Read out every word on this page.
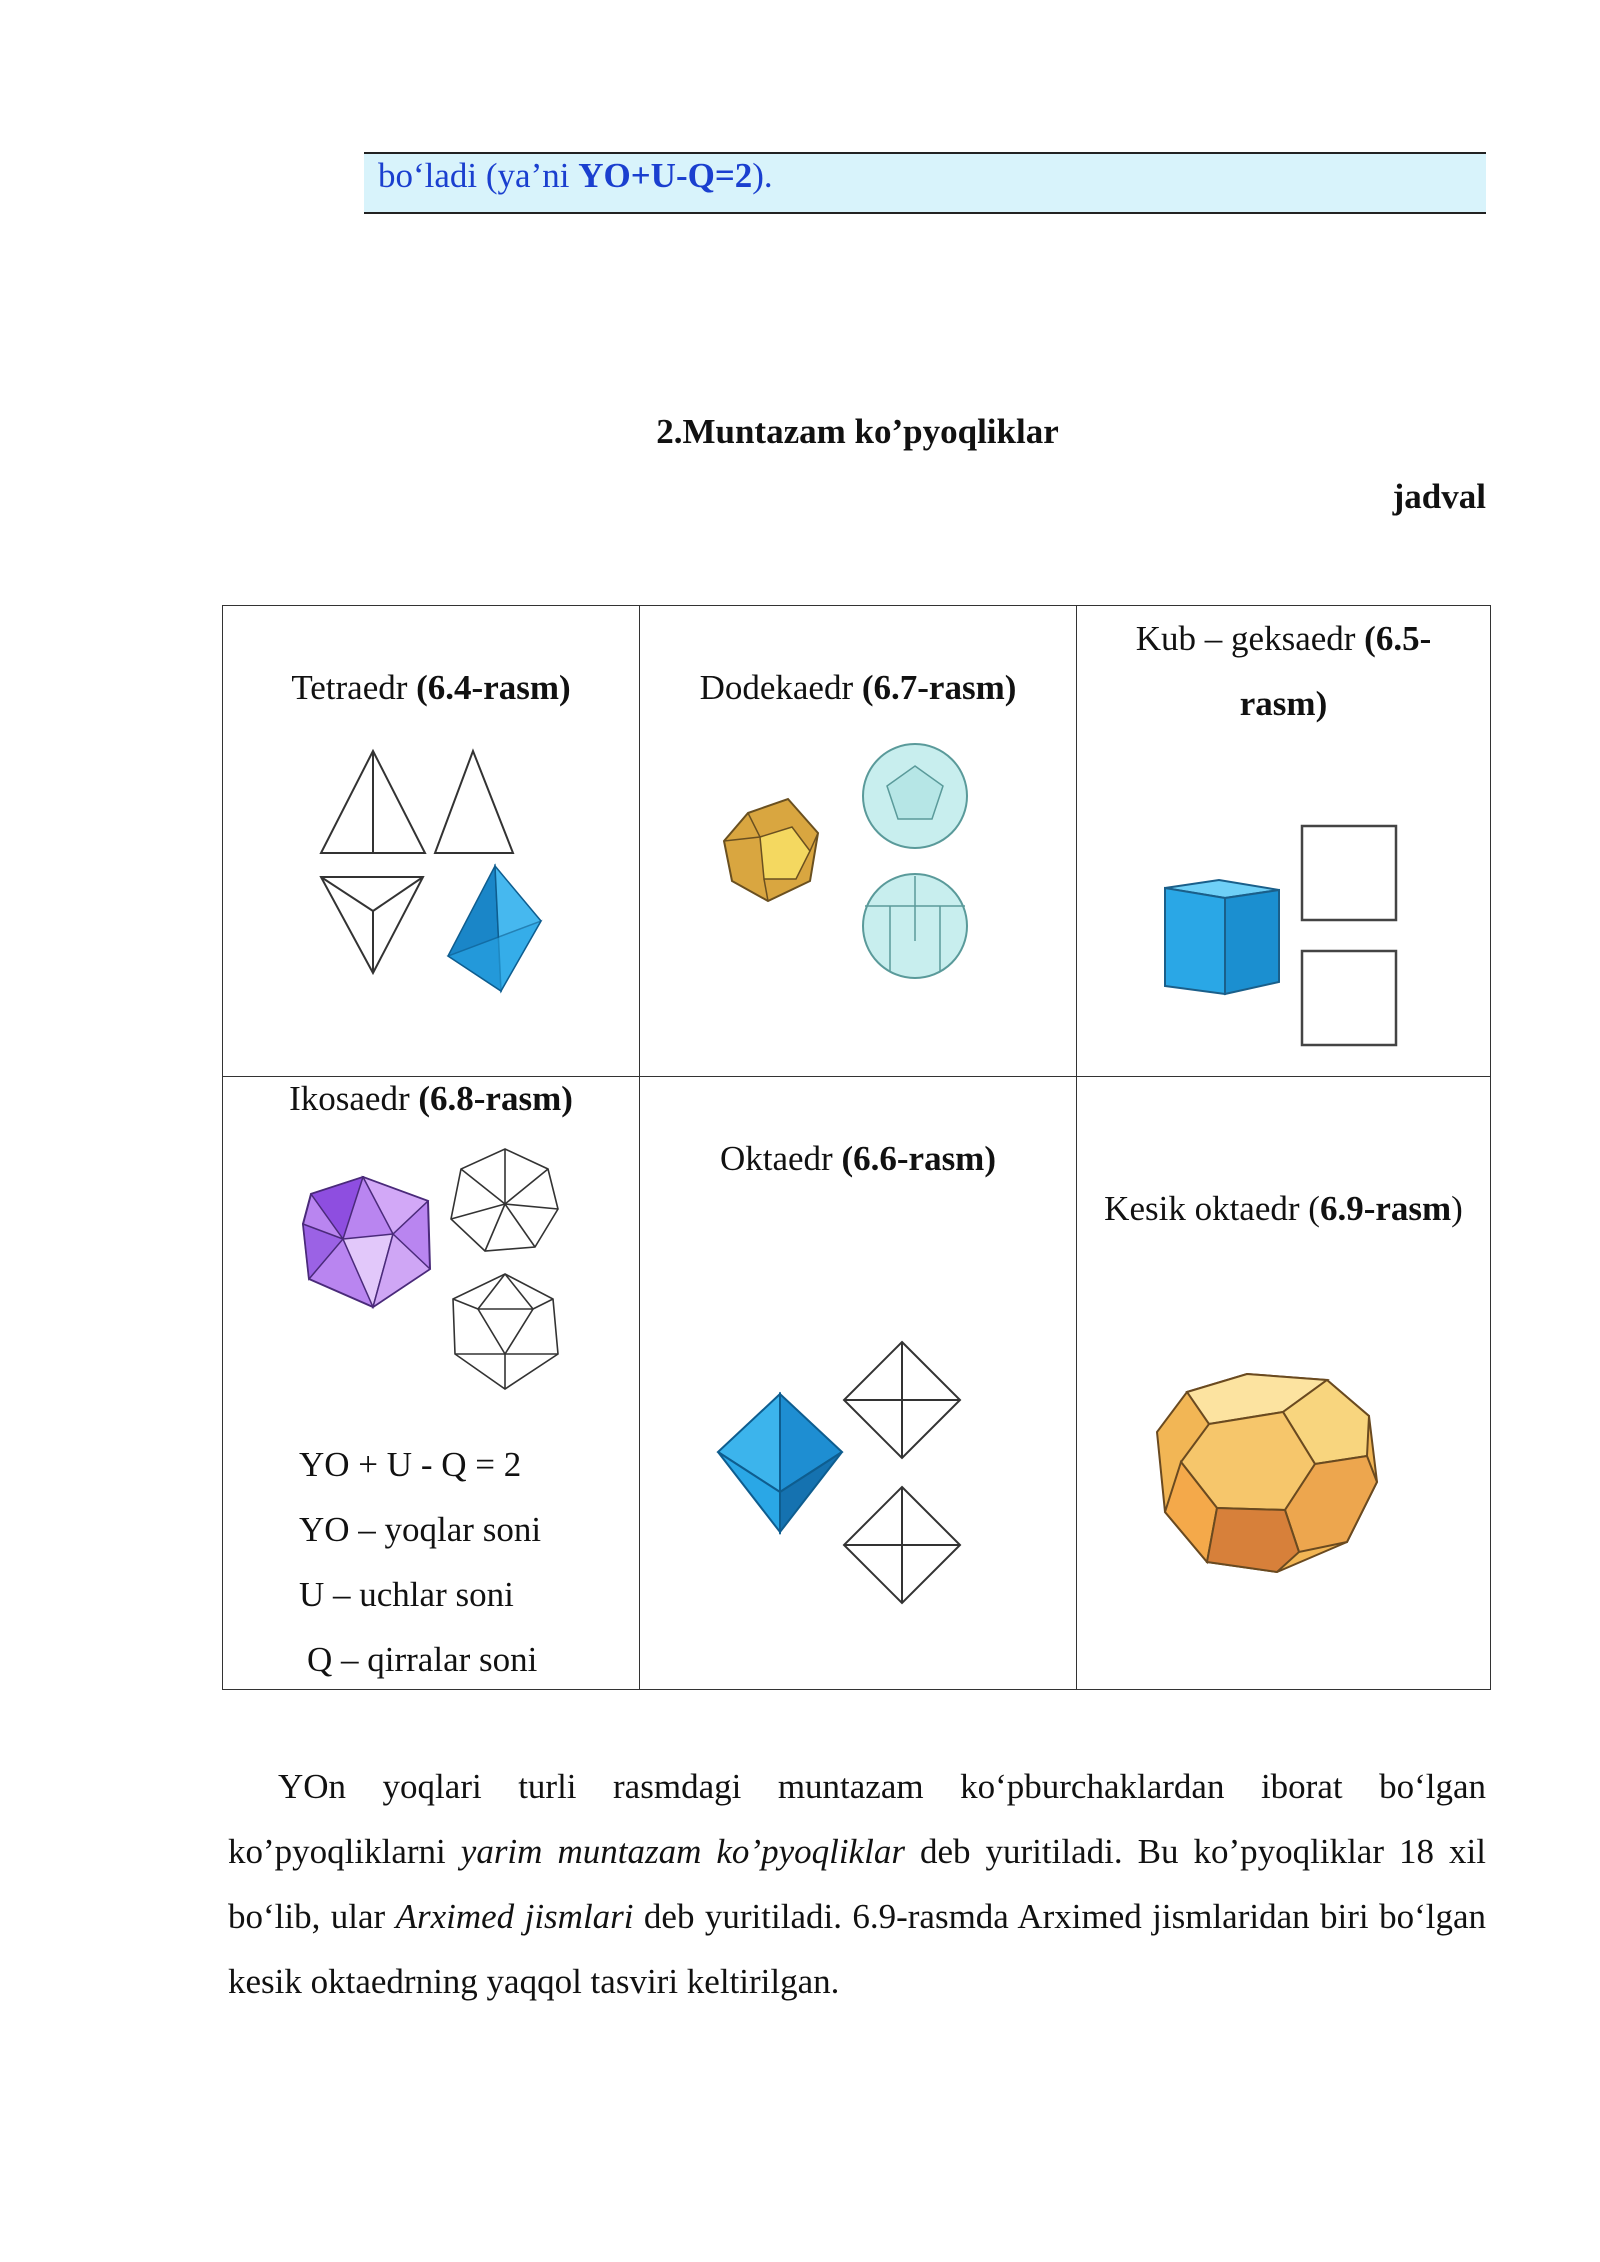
bo‘ladi (ya’ni YO+U-Q=2).
2.Muntazam ko’pyoqliklar
jadval
Tetraedr (6.4-rasm)	Dodekaedr (6.7-rasm)	Kub – geksaedr (6.5-
rasm)

Ikosaedr (6.8-rasm)
YO + U - Q = 2
YO – yoqlar soni
U – uchlar soni
Q – qirralar soni	Oktaedr (6.6-rasm)	Kesik oktaedr (6.9-rasm)

YOn yoqlari turli rasmdagi muntazam ko‘pburchaklardan iborat bo‘lgan ko’pyoqliklarni yarim muntazam ko’pyoqliklar deb yuritiladi. Bu ko’pyoqliklar 18 xil bo‘lib, ular Arximed jismlari deb yuritiladi. 6.9-rasmda Arximed jismlaridan biri bo‘lgan kesik oktaedrning yaqqol tasviri keltirilgan.
